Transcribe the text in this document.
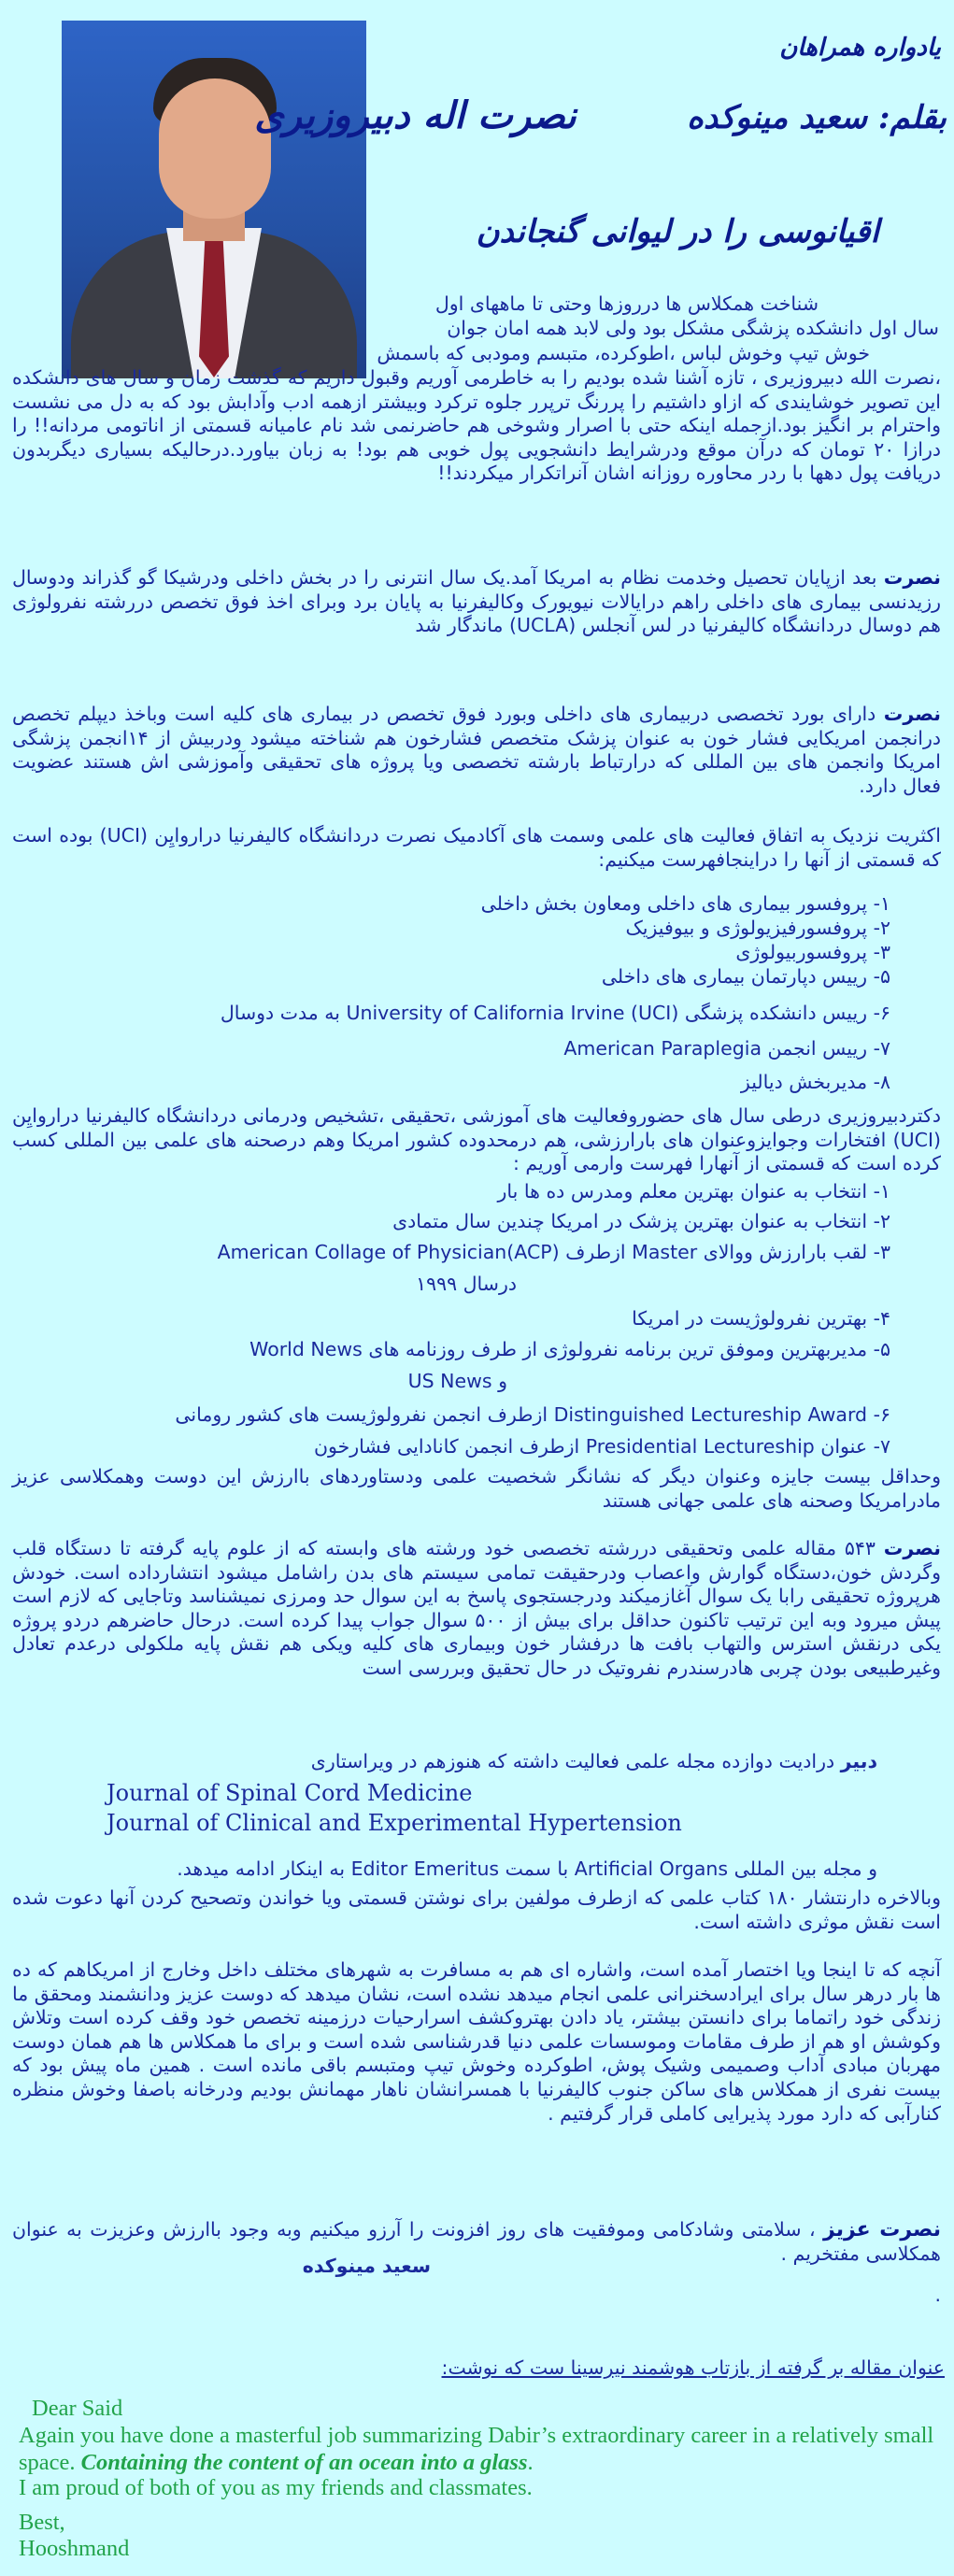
یادواره همراهان
بقلم: سعید مینوکده          نصرت اله دبیروزیری
اقیانوسی را در لیوانی گنجاندن
شناخت همکلاس ها درروزها وحتی تا ماههای اول
سال اول دانشکده پزشگی مشکل بود ولی لابد همه امان جوان
خوش تیپ وخوش لباس ،اطوکرده، متبسم ومودبی که باسمش
،نصرت الله دبیروزیری ، تازه آشنا شده بودیم را به خاطرمی آوریم وقبول داریم که گذشت زمان و سال های دانشکده این تصویر خوشایندی که ازاو داشتیم را پررنگ ترپرر جلوه ترکرد وبیشتر ازهمه ادب وآدابش بود که به دل می نشست واحترام بر انگیز بود.ازجمله اینکه حتی با اصرار وشوخی هم حاضرنمی شد نام عامیانه قسمتی از اناتومی مردانه!! را درازا ۲۰ تومان که درآن موقع ودرشرایط دانشجویی پول خوبی هم بود! به زبان بیاورد.درحالیکه بسیاری دیگربدون دریافت پول دهها با ردر محاوره روزانه اشان آنراتکرار میکردند!!
نصرت بعد ازپایان تحصیل وخدمت نظام به امریکا آمد.یک سال انترنی را در بخش داخلی ودرشیکا گو گذراند ودوسال رزیدنسی بیماری های داخلی راهم درایالات نیویورک وکالیفرنیا به پایان برد وبرای اخذ فوق تخصص دررشته نفرولوژی هم دوسال دردانشگاه کالیفرنیا در لس آنجلس (UCLA) ماندگار شد
نصرت دارای بورد تخصصی دربیماری های داخلی وبورد فوق تخصص در بیماری های کلیه است وباخذ دیپلم تخصص درانجمن امریکایی فشار خون به عنوان پزشک متخصص فشارخون هم شناخته میشود ودربیش از ۱۴انجمن پزشگی امریکا وانجمن های بین المللی که درارتباط بارشته تخصصی ویا پروژه های تحقیقی وآموزشی اش هستند عضویت فعال دارد.
اکثریت نزدیک به اتفاق فعالیت های علمی وسمت های آکادمیک نصرت دردانشگاه کالیفرنیا دراروایِن (UCI) بوده است که قسمتی از آنها را دراینجافهرست میکنیم:
۱- پروفسور بیماری های داخلی ومعاون بخش داخلی
۲- پروفسورفیزیولوژی و بیوفیزیک
۳- پروفسوربیولوژی
۵- رییس دپارتمان بیماری های داخلی
۶- رییس دانشکده پزشگی University of California Irvine (UCI) به مدت دوسال
۷- رییس انجمن American Paraplegia
۸- مدیربخش دیالیز
دکتردبیروزیری درطی سال های حضوروفعالیت های آموزشی ،تحقیقی ،تشخیص ودرمانی دردانشگاه کالیفرنیا دراروایِن (UCI) افتخارات وجوایزوعنوان های بارارزشی، هم درمحدوده کشور امریکا وهم درصحنه های علمی بین المللی کسب کرده است که قسمتی از آنهارا فهرست وارمی آوریم :
۱- انتخاب به عنوان بهترین معلم ومدرس ده ها بار
۲- انتخاب به عنوان بهترین پزشک در امریکا چندین سال متمادی
۳- لقب بارارزش ووالای Master ازطرف American Collage of Physician(ACP)
درسال ۱۹۹۹
۴- بهترین نفرولوژیست در امریکا
۵- مدیربهترین وموفق ترین برنامه نفرولوژی از طرف روزنامه های World News
و US News
۶- Distinguished Lectureship Award ازطرف انجمن نفرولوژیست های کشور رومانی
۷- عنوان Presidential Lectureship ازطرف انجمن کانادایی فشارخون
وحداقل بیست جایزه وعنوان دیگر که نشانگر شخصیت علمی ودستاوردهای باارزش این دوست وهمکلاسی عزیز مادرامریکا وصحنه های علمی جهانی هستند
نصرت ۵۴۳ مقاله علمی وتحقیقی دررشته تخصصی خود ورشته های وابسته که از علوم پایه گرفته تا دستگاه قلب وگردش خون،دستگاه گوارش واعصاب ودرحقیقت تمامی سیستم های بدن راشامل میشود انتشارداده است. خودش هرپروژه تحقیقی رابا یک سوال آغازمیکند ودرجستجوی پاسخ به این سوال حد ومرزی نمیشناسد وتاجایی که لازم است پیش میرود وبه این ترتیب تاکنون حداقل برای بیش از ۵۰۰ سوال جواب پیدا کرده است. درحال حاضرهم دردو پروژه یکی درنقش استرس والتهاب بافت ها درفشار خون وبیماری های کلیه ویکی هم نقش پایه ملکولی درعدم تعادل وغیرطبیعی بودن چربی هادرسندرم نفروتیک در حال تحقیق وبررسی است
دبیر درادیت دوازده مجله علمی فعالیت داشته که هنوزهم در ویراستاری
Journal of Spinal Cord Medicine
Journal of Clinical and Experimental Hypertension
و مجله بین المللی Artificial Organs با سمت Editor Emeritus به اینکار ادامه میدهد.
وبالاخره دارنتشار ۱۸۰ کتاب علمی که ازطرف مولفین برای نوشتن قسمتی ویا خواندن وتصحیح کردن آنها دعوت شده است نقش موثری داشته است.
آنچه که تا اینجا ویا اختصار آمده است، واشاره ای هم به مسافرت به شهرهای مختلف داخل وخارج از امریکاهم که ده ها بار درهر سال برای ایرادسخنرانی علمی انجام میدهد نشده است، نشان میدهد که دوست عزیز ودانشمند ومحقق ما زندگی خود راتماما برای دانستن بیشتر، یاد دادن بهتروکشف اسرارحیات درزمینه تخصص خود وقف کرده است وتلاش وکوشش او هم از طرف مقامات وموسسات علمی دنیا قدرشناسی شده است و برای ما همکلاس ها هم همان دوست مهربان مبادی آداب وصمیمی وشیک پوش، اطوکرده وخوش تیپ ومتبسم باقی مانده است . همین ماه پیش بود که بیست نفری از همکلاس های ساکن جنوب کالیفرنیا با همسرانشان ناهار مهمانش بودیم ودرخانه باصفا وخوش منظره کنارآبی که دارد مورد پذیرایی کاملی قرار گرفتیم .
نصرت عزیز ، سلامتی وشادکامی وموفقیت های روز افزونت را آرزو میکنیم وبه وجود باارزش وعزیزت به عنوان همکلاسی مفتخریم .
سعید مینوکده
.
عنوان مقاله بر گرفته از بازتاب هوشمند نیرسینا ست که نوشت:
Dear Said
Again you have done a masterful job summarizing Dabir’s extraordinary career in a relatively small space. Containing the content of an ocean into a glass.
I am proud of both of you as my friends and classmates.
Best,
Hooshmand
